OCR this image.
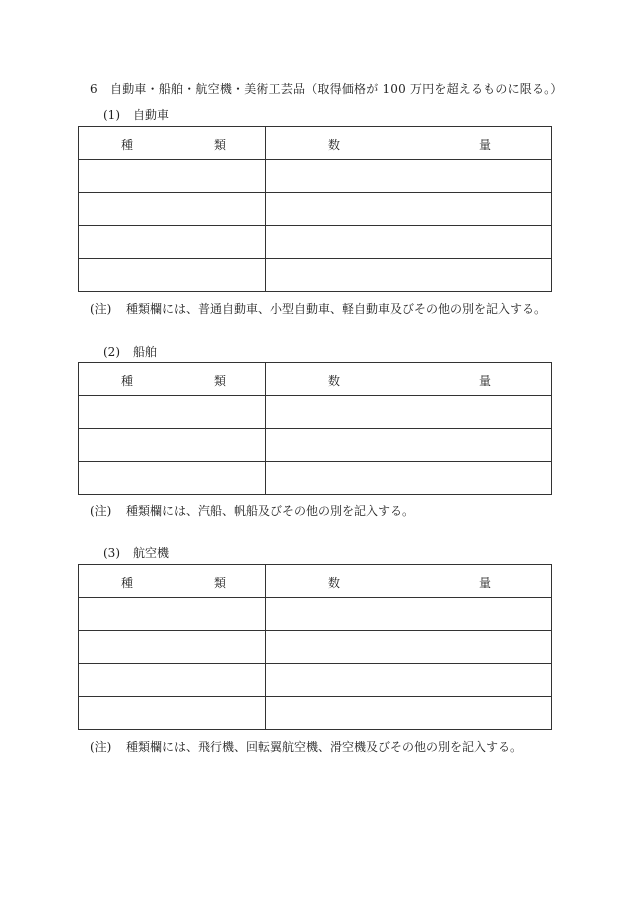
6　自動車・船舶・航空機・美術工芸品（取得価格が 100 万円を超えるものに限る。）
(1) 自動車
種 類	数 量

(注) 種類欄には、普通自動車、小型自動車、軽自動車及びその他の別を記入する。
(2) 船舶
種 類	数 量

(注) 種類欄には、汽船、帆船及びその他の別を記入する。
(3) 航空機
種 類	数 量

(注) 種類欄には、飛行機、回転翼航空機、滑空機及びその他の別を記入する。
